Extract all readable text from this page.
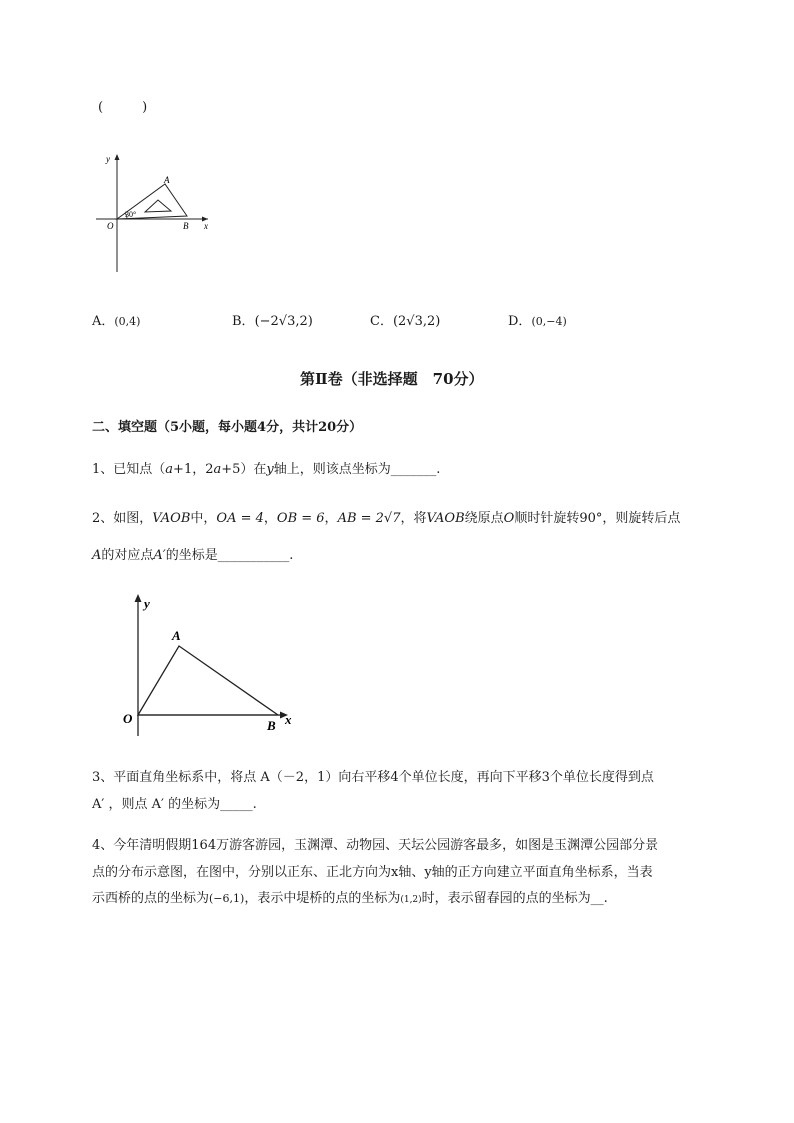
(　　　)
y
x
O
A
B
30°
A．(0,4)	B．(−2√3,2)	C．(2√3,2)	D．(0,−4)
第Ⅱ卷（非选择题　70分）
二、填空题（5小题，每小题4分，共计20分）
1、已知点（a+1，2a+5）在y轴上，则该点坐标为_______.
2、如图，VAOB中，OA = 4，OB = 6，AB = 2√7，将VAOB绕原点O顺时针旋转90°，则旋转后点
A的对应点A′的坐标是___________.
y
x
O
A
B
3、平面直角坐标系中，将点 A（－2，1）向右平移4个单位长度，再向下平移3个单位长度得到点
A′ ，则点 A′ 的坐标为_____.
4、今年清明假期164万游客游园，玉渊潭、动物园、天坛公园游客最多，如图是玉渊潭公园部分景
点的分布示意图，在图中，分别以正东、正北方向为x轴、y轴的正方向建立平面直角坐标系，当表
示西桥的点的坐标为(−6,1)，表示中堤桥的点的坐标为(1,2)时，表示留春园的点的坐标为__.
